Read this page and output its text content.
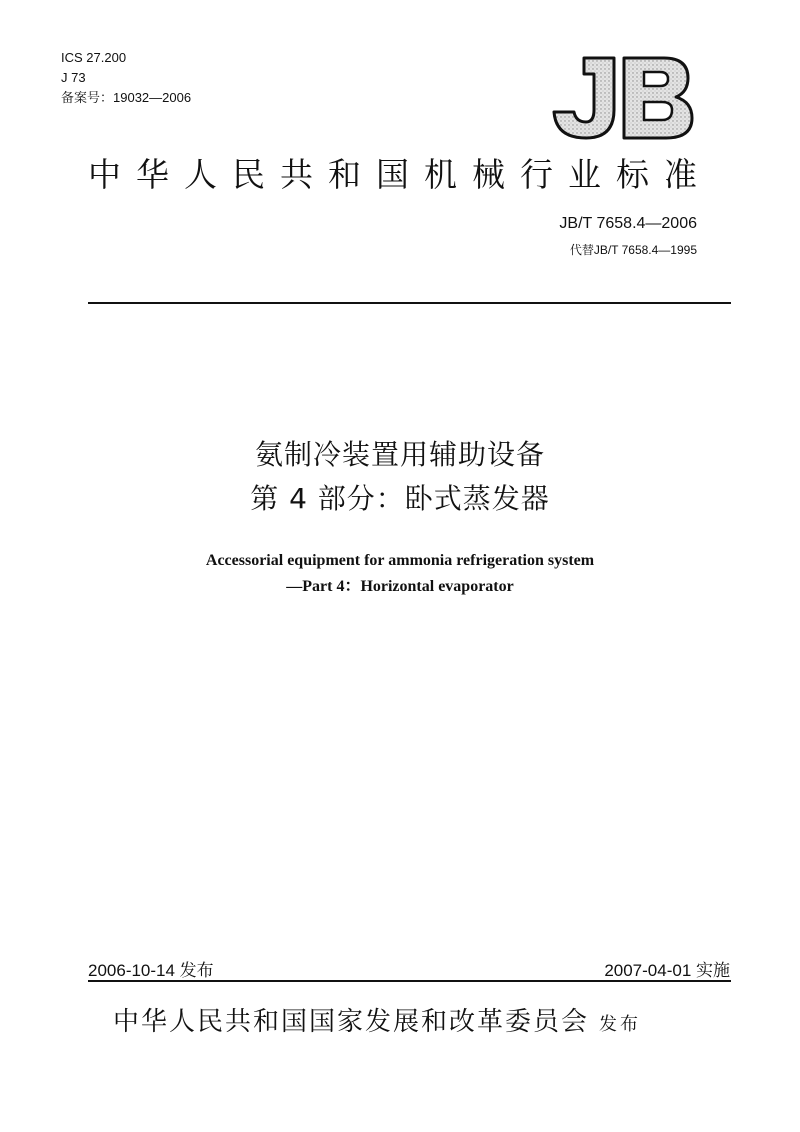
ICS 27.200
J 73
备案号：19032—2006
中华人民共和国机械行业标准
JB/T 7658.4—2006
代替JB/T 7658.4—1995
氨制冷装置用辅助设备
第 4 部分：卧式蒸发器
Accessorial equipment for ammonia refrigeration system
—Part 4：Horizontal evaporator
2006-10-14 发布	2007-04-01 实施
中华人民共和国国家发展和改革委员会 发布
